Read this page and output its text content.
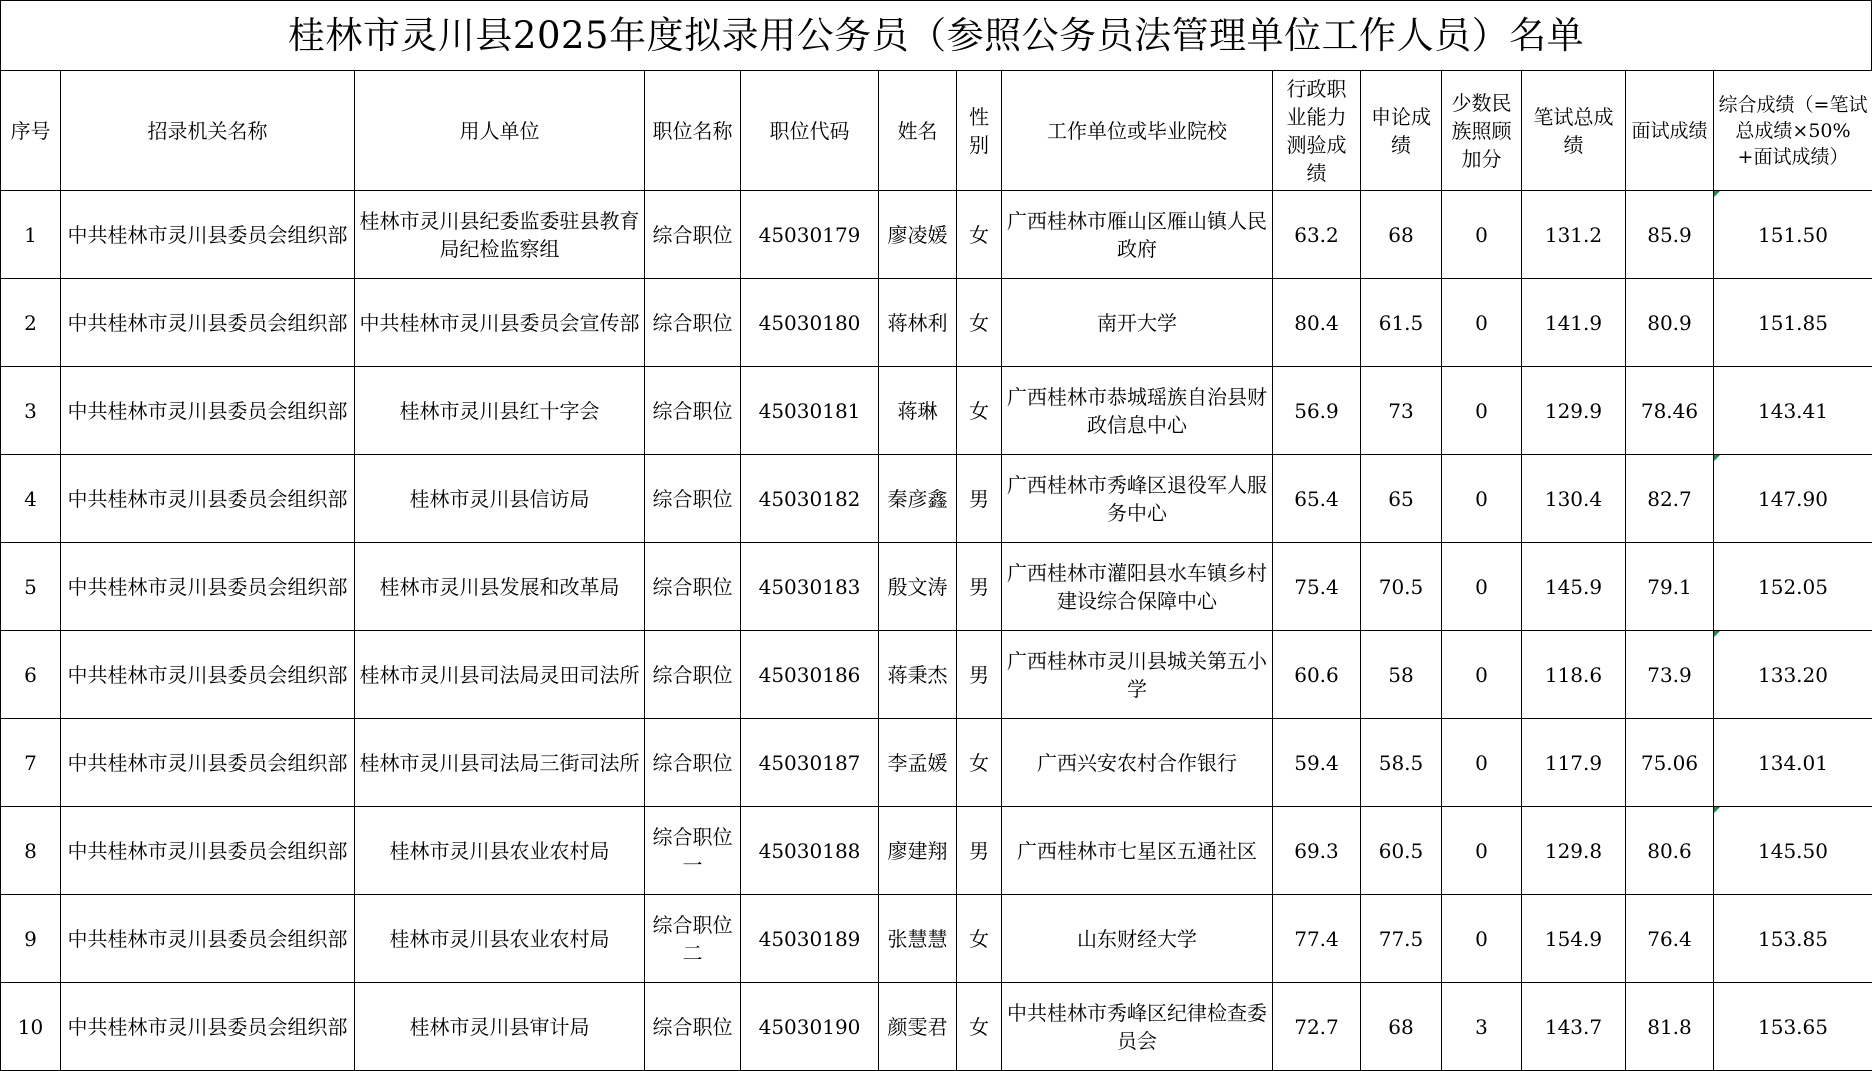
桂林市灵川县2025年度拟录用公务员（参照公务员法管理单位工作人员）名单
序号	招录机关名称	用人单位	职位名称	职位代码	姓名	性别	工作单位或毕业院校	行政职业能力测验成绩	申论成绩	少数民族照顾加分	笔试总成绩	面试成绩	综合成绩（=笔试总成绩×50%+面试成绩）
1	中共桂林市灵川县委员会组织部	桂林市灵川县纪委监委驻县教育局纪检监察组	综合职位	45030179	廖凌媛	女	广西桂林市雁山区雁山镇人民政府	63.2	68	0	131.2	85.9	151.50
2	中共桂林市灵川县委员会组织部	中共桂林市灵川县委员会宣传部	综合职位	45030180	蒋林利	女	南开大学	80.4	61.5	0	141.9	80.9	151.85
3	中共桂林市灵川县委员会组织部	桂林市灵川县红十字会	综合职位	45030181	蒋琳	女	广西桂林市恭城瑶族自治县财政信息中心	56.9	73	0	129.9	78.46	143.41
4	中共桂林市灵川县委员会组织部	桂林市灵川县信访局	综合职位	45030182	秦彦鑫	男	广西桂林市秀峰区退役军人服务中心	65.4	65	0	130.4	82.7	147.90
5	中共桂林市灵川县委员会组织部	桂林市灵川县发展和改革局	综合职位	45030183	殷文涛	男	广西桂林市灌阳县水车镇乡村建设综合保障中心	75.4	70.5	0	145.9	79.1	152.05
6	中共桂林市灵川县委员会组织部	桂林市灵川县司法局灵田司法所	综合职位	45030186	蒋秉杰	男	广西桂林市灵川县城关第五小学	60.6	58	0	118.6	73.9	133.20
7	中共桂林市灵川县委员会组织部	桂林市灵川县司法局三街司法所	综合职位	45030187	李孟媛	女	广西兴安农村合作银行	59.4	58.5	0	117.9	75.06	134.01
8	中共桂林市灵川县委员会组织部	桂林市灵川县农业农村局	综合职位一	45030188	廖建翔	男	广西桂林市七星区五通社区	69.3	60.5	0	129.8	80.6	145.50
9	中共桂林市灵川县委员会组织部	桂林市灵川县农业农村局	综合职位二	45030189	张慧慧	女	山东财经大学	77.4	77.5	0	154.9	76.4	153.85
10	中共桂林市灵川县委员会组织部	桂林市灵川县审计局	综合职位	45030190	颜雯君	女	中共桂林市秀峰区纪律检查委员会	72.7	68	3	143.7	81.8	153.65
